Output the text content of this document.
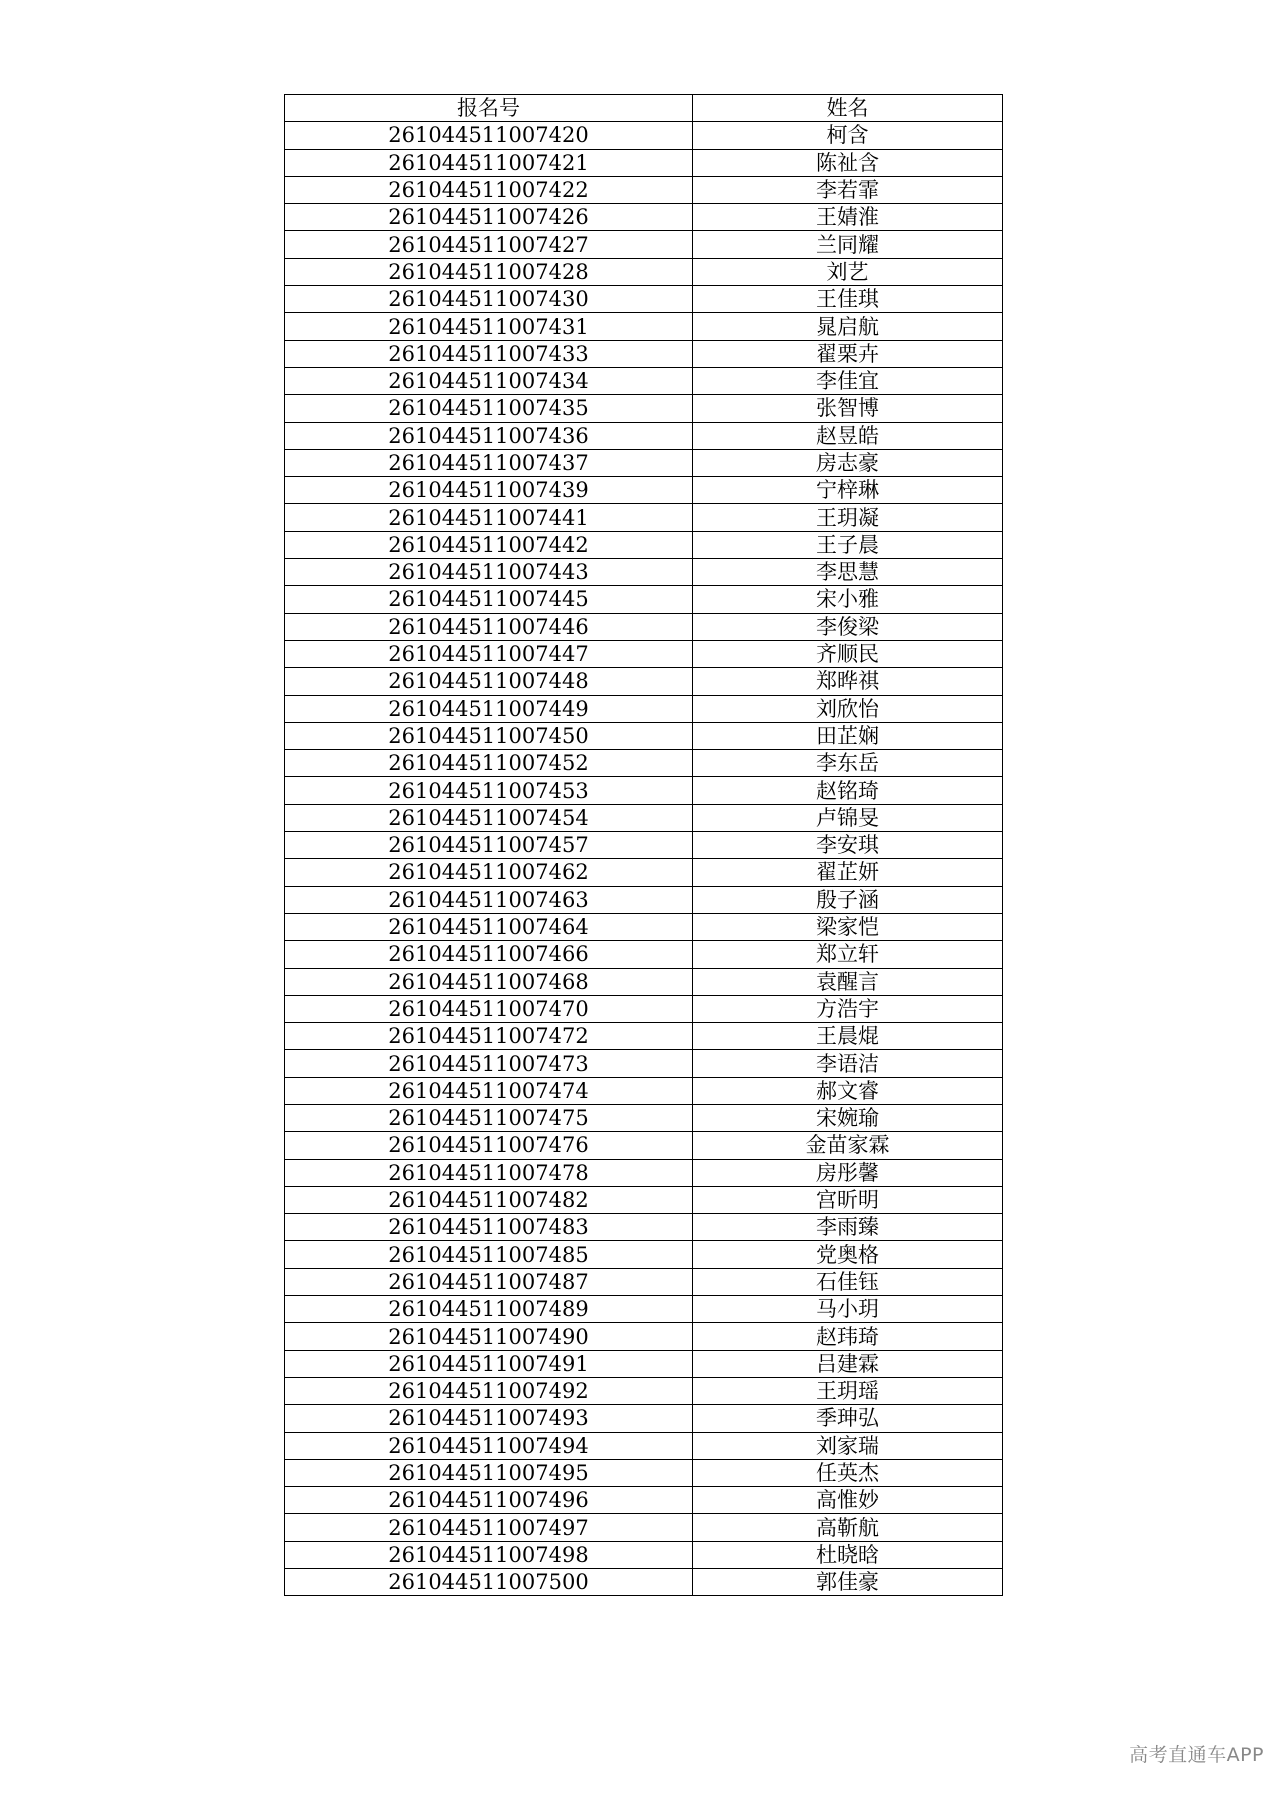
报名号	姓名
261044511007420	柯含
261044511007421	陈祉含
261044511007422	李若霏
261044511007426	王婧淮
261044511007427	兰同耀
261044511007428	刘艺
261044511007430	王佳琪
261044511007431	晁启航
261044511007433	翟栗卉
261044511007434	李佳宜
261044511007435	张智博
261044511007436	赵昱皓
261044511007437	房志豪
261044511007439	宁梓琳
261044511007441	王玥凝
261044511007442	王子晨
261044511007443	李思慧
261044511007445	宋小雅
261044511007446	李俊梁
261044511007447	齐顺民
261044511007448	郑晔祺
261044511007449	刘欣怡
261044511007450	田芷娴
261044511007452	李东岳
261044511007453	赵铭琦
261044511007454	卢锦旻
261044511007457	李安琪
261044511007462	翟芷妍
261044511007463	殷子涵
261044511007464	梁家恺
261044511007466	郑立轩
261044511007468	袁醒言
261044511007470	方浩宇
261044511007472	王晨焜
261044511007473	李语洁
261044511007474	郝文睿
261044511007475	宋婉瑜
261044511007476	金苗家霖
261044511007478	房彤馨
261044511007482	宫昕明
261044511007483	李雨臻
261044511007485	党奥格
261044511007487	石佳钰
261044511007489	马小玥
261044511007490	赵玮琦
261044511007491	吕建霖
261044511007492	王玥瑶
261044511007493	季珅弘
261044511007494	刘家瑞
261044511007495	任英杰
261044511007496	高惟妙
261044511007497	高靳航
261044511007498	杜晓晗
261044511007500	郭佳豪
高考直通车APP
